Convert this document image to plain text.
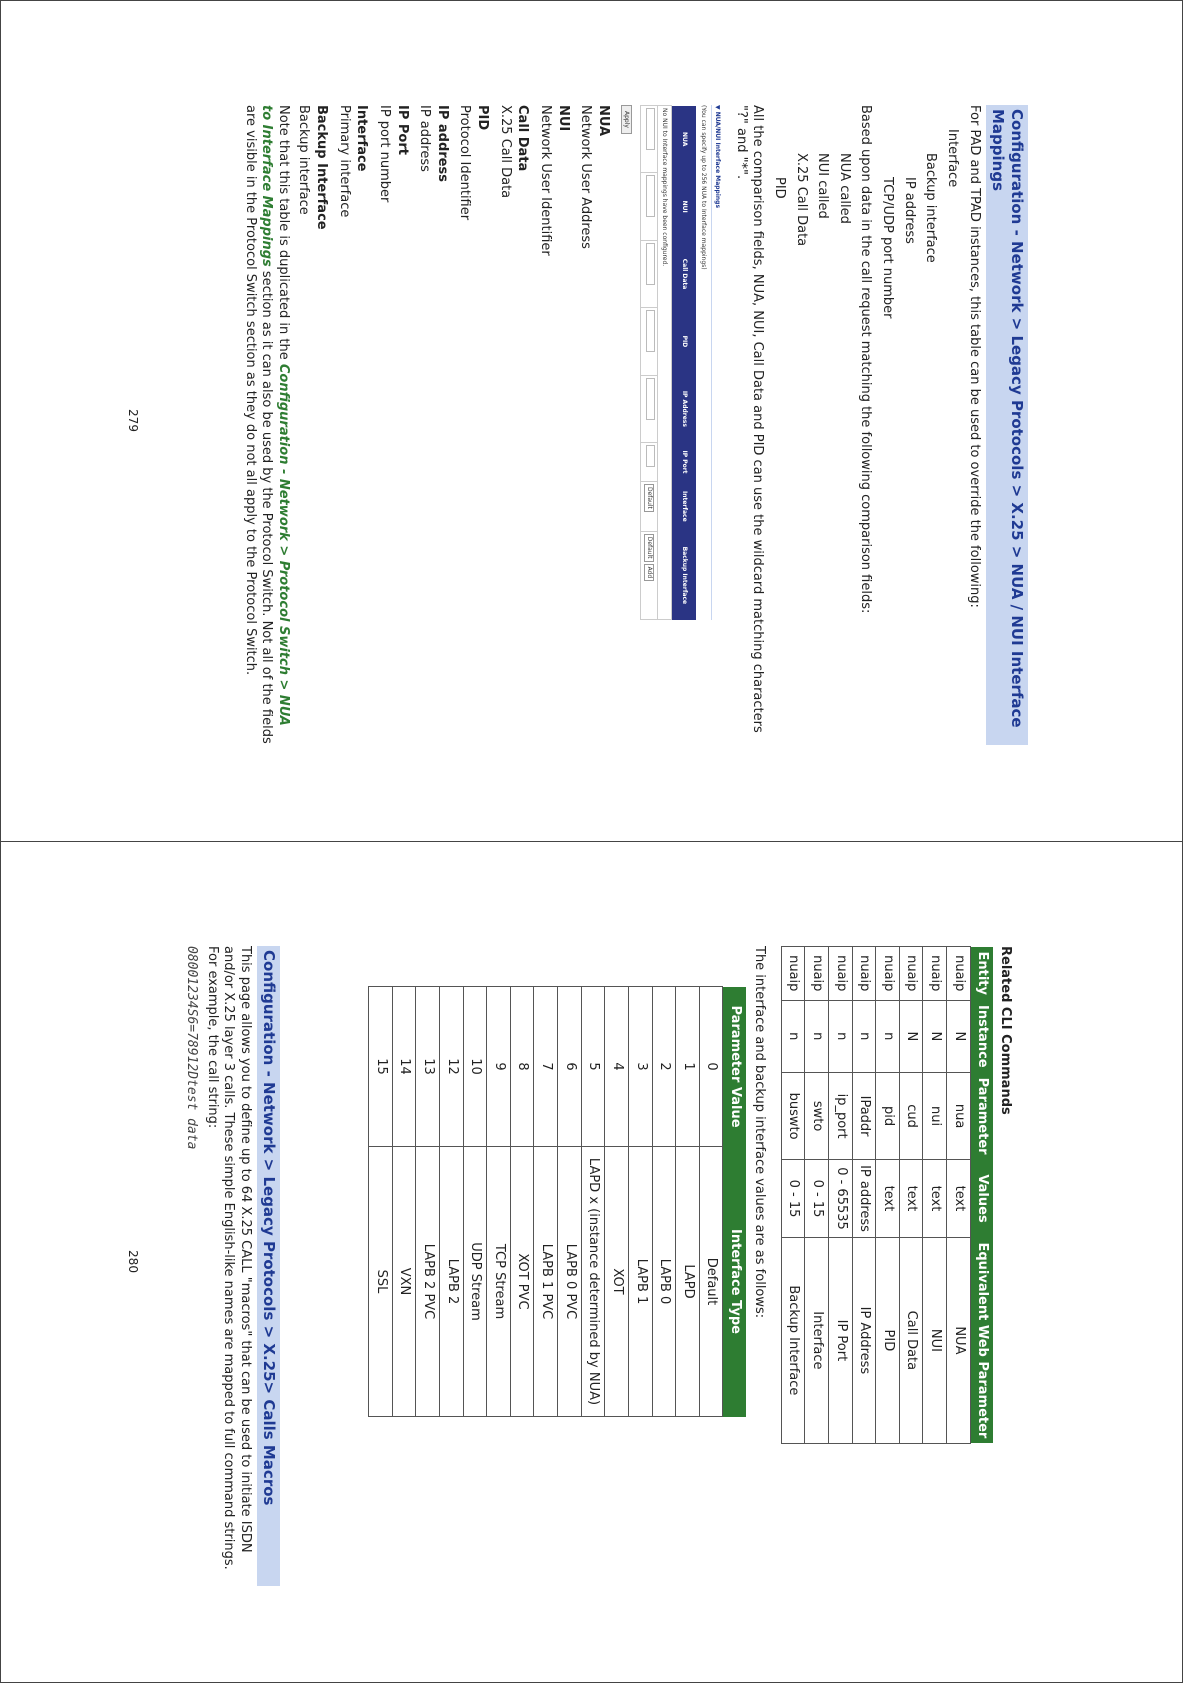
Configuration - Network > Legacy Protocols > X.25 > NUA / NUI Interface Mappings

For PAD and TPAD instances, this table can be used to override the following:

Interface
Backup interface
IP address
TCP/UDP port number

Based upon data in the call request matching the following comparison fields:

NUA called
NUI called
X.25 Call Data
PID

All the comparison fields, NUA, NUI, Call Data and PID can use the wildcard matching characters "?" and "*".

▼ NUA/NUI Interface Mappings
(You can specify up to 256 NUA to Interface mappings)
NUA	NUI	Call Data	PID	IP Address	IP Port	Interface	Backup Interface
No NUI to Interface mappings have been configured.							
						Default	Default Add
Apply
NUA
Network User Address
NUI
Network User Identifier
Call Data
X.25 Call Data
PID
Protocol Identifier
IP address
IP address
IP Port
IP port number
Interface
Primary interface
Backup Interface
Backup interface

Note that this table is duplicated in the Configuration - Network > Protocol Switch > NUA to Interface Mappings section as it can also be used by the Protocol Switch. Not all of the fields are visible in the Protocol Switch section as they do not all apply to the Protocol Switch.

279
Related CLI Commands
Entity	Instance	Parameter	Values	Equivalent Web Parameter
nuaip	N	nua	text	NUA
nuaip	N	nui	text	NUI
nuaip	N	cud	text	Call Data
nuaip	n	pid	text	PID
nuaip	n	IPaddr	IP address	IP Address
nuaip	n	ip_port	0 - 65535	IP Port
nuaip	n	swto	0 - 15	Interface
nuaip	n	buswto	0 - 15	Backup Interface

The interface and backup interface values are as follows:

Parameter Value	Interface Type
0	Default
1	LAPD
2	LAPB 0
3	LAPB 1
4	XOT
5	LAPD x (instance determined by NUA)
6	LAPB 0 PVC
7	LAPB 1 PVC
8	XOT PVC
9	TCP Stream
10	UDP Stream
12	LAPB 2
13	LAPB 2 PVC
14	VXN
15	SSL
Configuration - Network > Legacy Protocols > X.25> Calls Macros

This page allows you to define up to 64 X.25 CALL "macros" that can be used to initiate ISDN and/or X.25 layer 3 calls. These simple English-like names are mapped to full command strings. For example, the call string:

08001234S6=78912Dtest data

280
